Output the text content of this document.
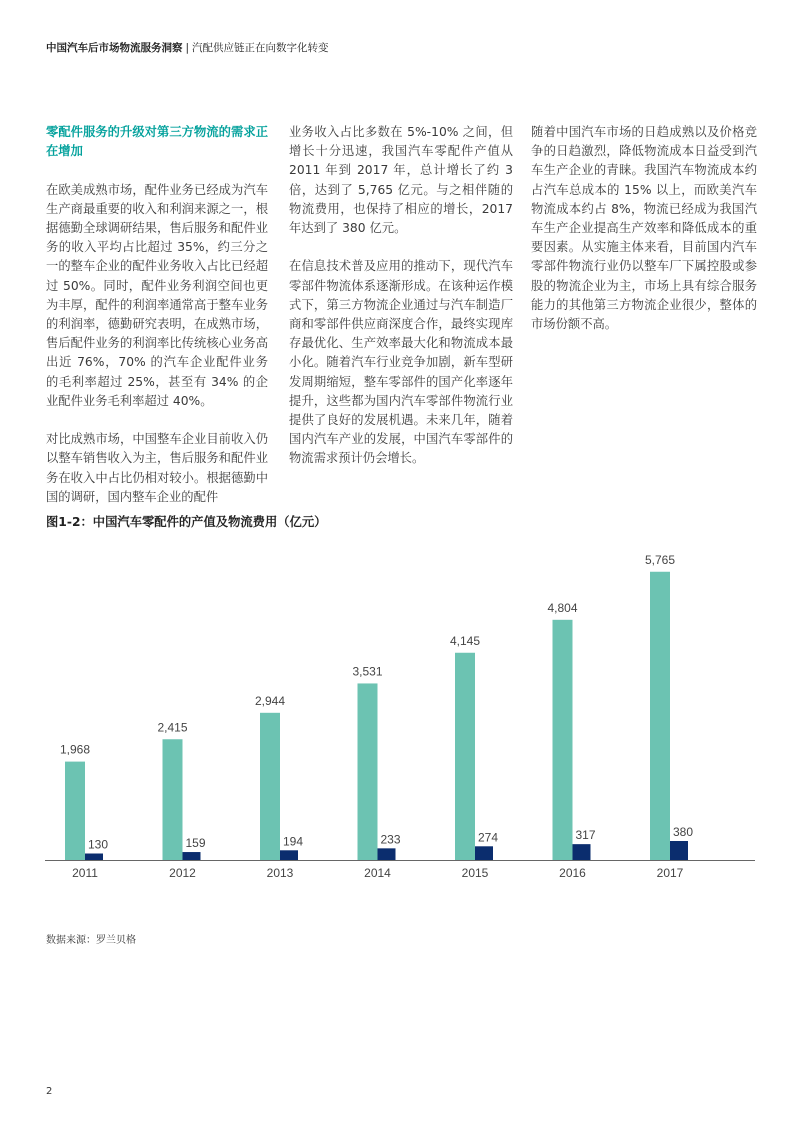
中国汽车后市场物流服务洞察 | 汽配供应链正在向数字化转变

零配件服务的升级对第三方物流的需求正在增加

在欧美成熟市场，配件业务已经成为汽车生产商最重要的收入和利润来源之一，根据德勤全球调研结果，售后服务和配件业务的收入平均占比超过 35%，约三分之一的整车企业的配件业务收入占比已经超过 50%。同时，配件业务利润空间也更为丰厚，配件的利润率通常高于整车业务的利润率，德勤研究表明，在成熟市场，售后配件业务的利润率比传统核心业务高出近 76%，70% 的汽车企业配件业务的毛利率超过 25%，甚至有 34% 的企业配件业务毛利率超过 40%。

对比成熟市场，中国整车企业目前收入仍以整车销售收入为主，售后服务和配件业务在收入中占比仍相对较小。根据德勤中国的调研，国内整车企业的配件

业务收入占比多数在 5%-10% 之间，但增长十分迅速，我国汽车零配件产值从 2011 年到 2017 年，总计增长了约 3 倍，达到了 5,765 亿元。与之相伴随的物流费用，也保持了相应的增长，2017 年达到了 380 亿元。

在信息技术普及应用的推动下，现代汽车零部件物流体系逐渐形成。在该种运作模式下，第三方物流企业通过与汽车制造厂商和零部件供应商深度合作，最终实现库存最优化、生产效率最大化和物流成本最小化。随着汽车行业竞争加剧，新车型研发周期缩短，整车零部件的国产化率逐年提升，这些都为国内汽车零部件物流行业提供了良好的发展机遇。未来几年，随着国内汽车产业的发展，中国汽车零部件的物流需求预计仍会增长。

随着中国汽车市场的日趋成熟以及价格竞争的日趋激烈，降低物流成本日益受到汽车生产企业的青睐。我国汽车物流成本约占汽车总成本的 15% 以上，而欧美汽车物流成本约占 8%，物流已经成为我国汽车生产企业提高生产效率和降低成本的重要因素。从实施主体来看，目前国内汽车零部件物流行业仍以整车厂下属控股或参股的物流企业为主，市场上具有综合服务能力的其他第三方物流企业很少，整体的市场份额不高。

图1-2：中国汽车零配件的产值及物流费用（亿元）
1,968
130
2011
2,415
159
2012
2,944
194
2013
3,531
233
2014
4,145
274
2015
4,804
317
2016
5,765
380
2017
数据来源：罗兰贝格
2
